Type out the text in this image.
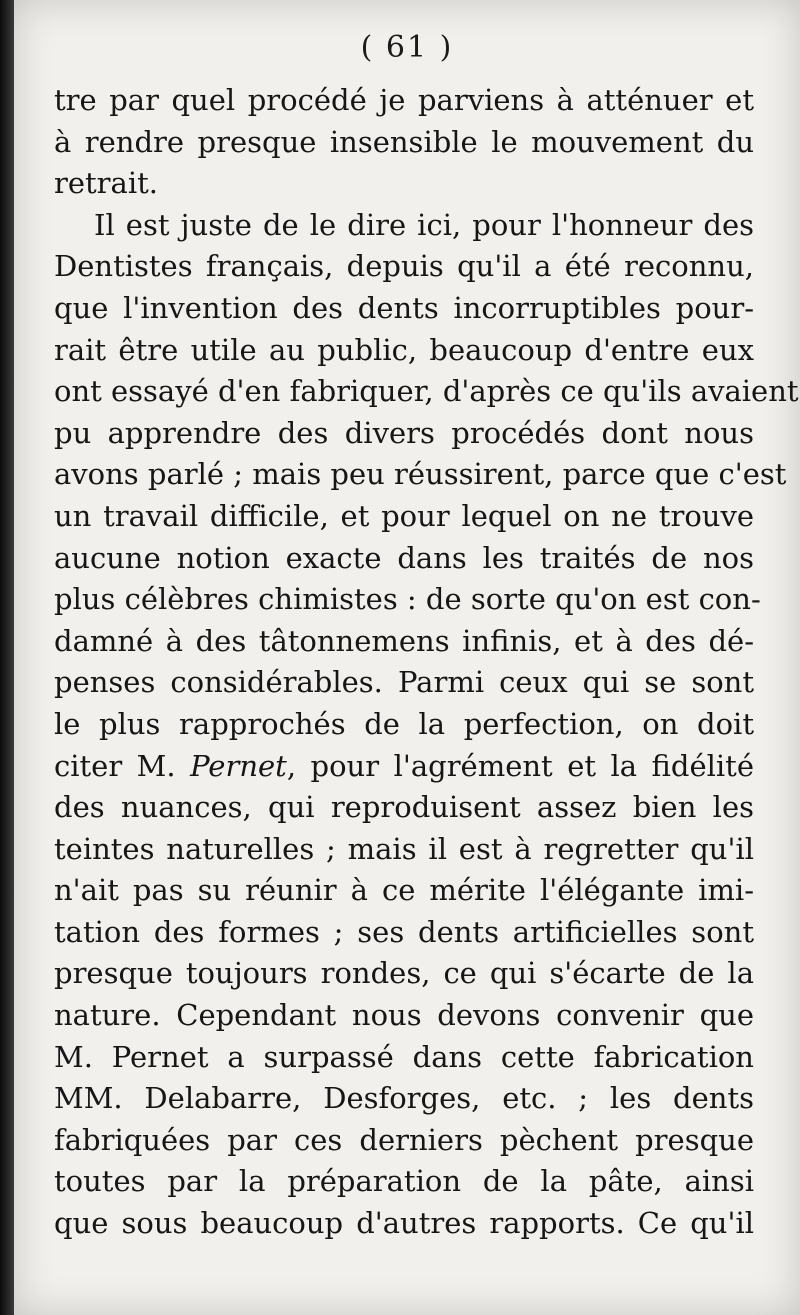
( 61 )
tre par quel procédé je parviens à atténuer et
à rendre presque insensible le mouvement du
retrait.
Il est juste de le dire ici, pour l'honneur des
Dentistes français, depuis qu'il a été reconnu,
que l'invention des dents incorruptibles pour-
rait être utile au public, beaucoup d'entre eux
ont essayé d'en fabriquer, d'après ce qu'ils avaient
pu apprendre des divers procédés dont nous
avons parlé ; mais peu réussirent, parce que c'est
un travail difficile, et pour lequel on ne trouve
aucune notion exacte dans les traités de nos
plus célèbres chimistes : de sorte qu'on est con-
damné à des tâtonnemens infinis, et à des dé-
penses considérables. Parmi ceux qui se sont
le plus rapprochés de la perfection, on doit
citer M. Pernet, pour l'agrément et la fidélité
des nuances, qui reproduisent assez bien les
teintes naturelles ; mais il est à regretter qu'il
n'ait pas su réunir à ce mérite l'élégante imi-
tation des formes ; ses dents artificielles sont
presque toujours rondes, ce qui s'écarte de la
nature. Cependant nous devons convenir que
M. Pernet a surpassé dans cette fabrication
MM. Delabarre, Desforges, etc. ; les dents
fabriquées par ces derniers pèchent presque
toutes par la préparation de la pâte, ainsi
que sous beaucoup d'autres rapports. Ce qu'il
